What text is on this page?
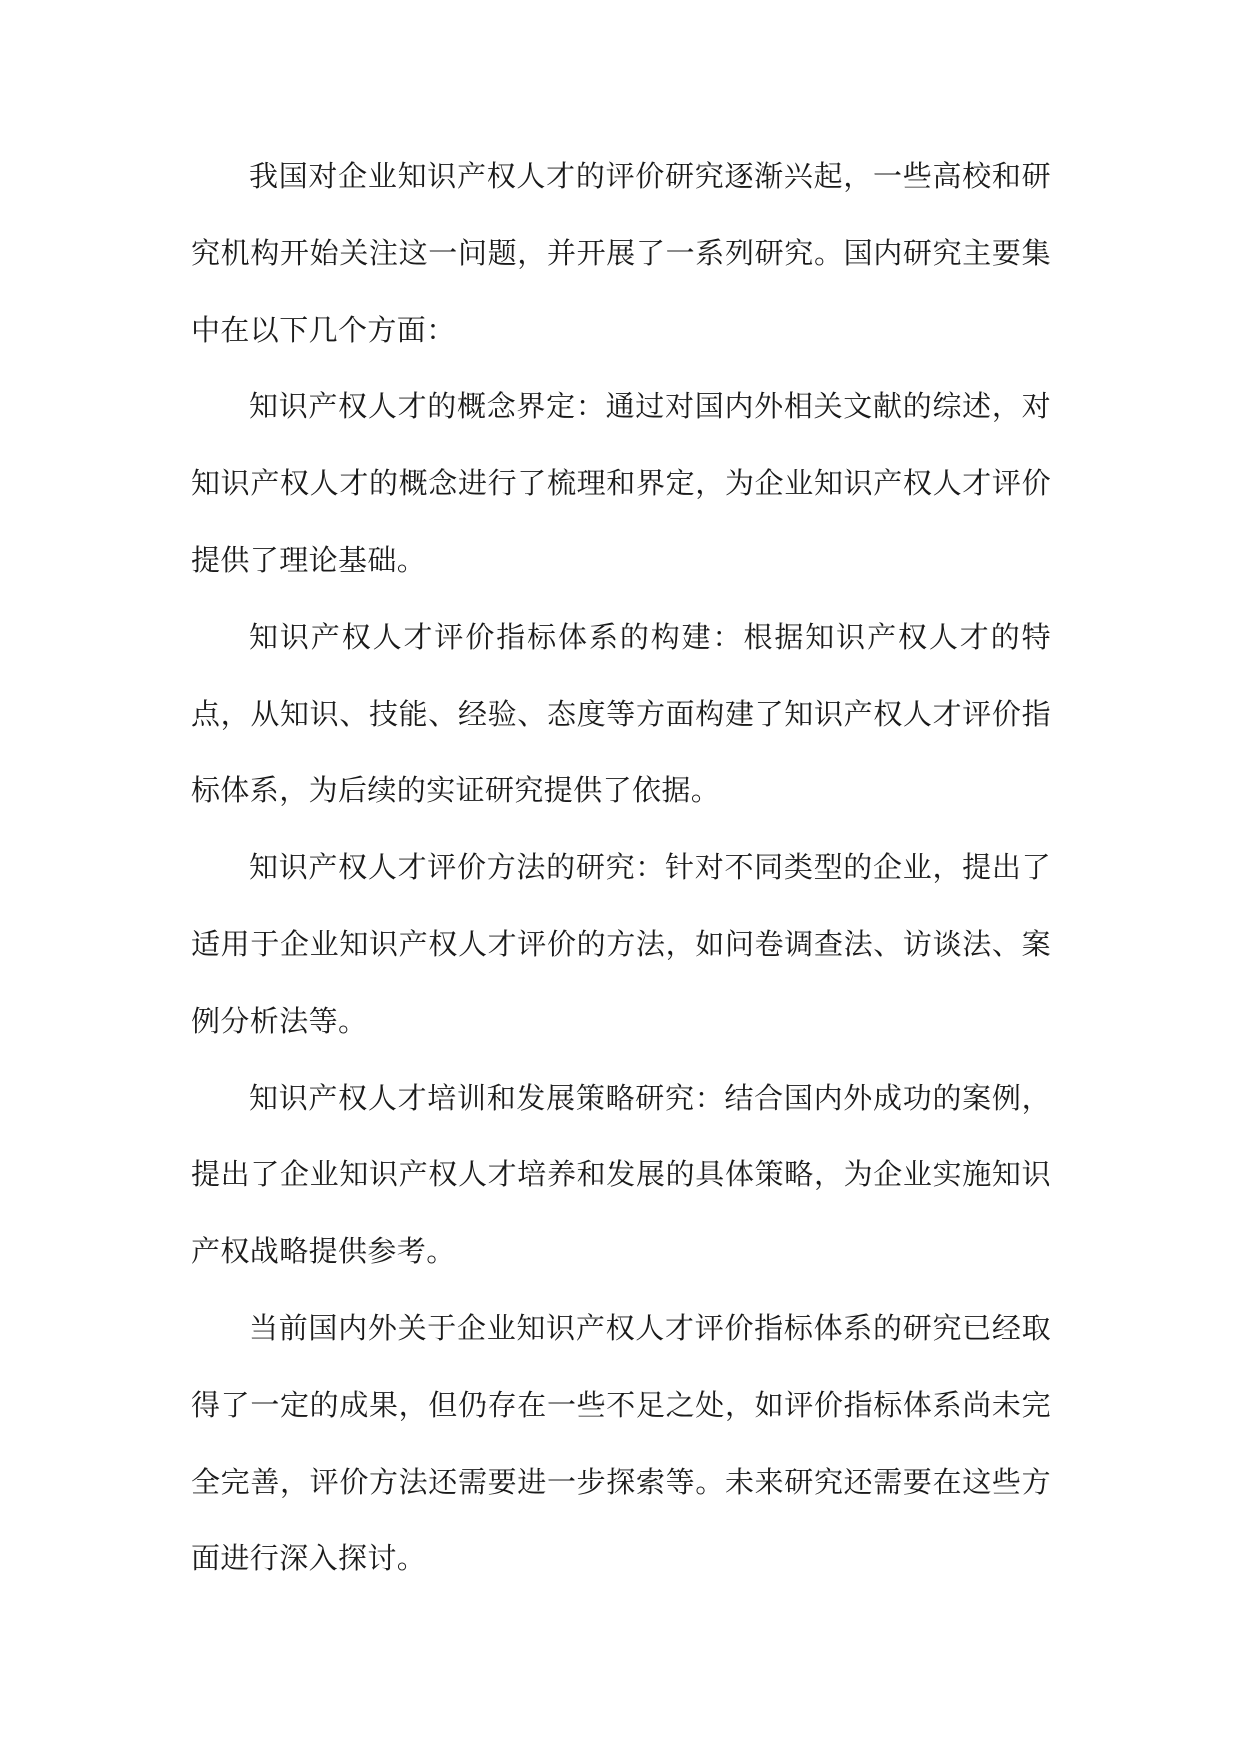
我国对企业知识产权人才的评价研究逐渐兴起，一些高校和研究机构开始关注这一问题，并开展了一系列研究。国内研究主要集中在以下几个方面：

知识产权人才的概念界定：通过对国内外相关文献的综述，对知识产权人才的概念进行了梳理和界定，为企业知识产权人才评价提供了理论基础。

知识产权人才评价指标体系的构建：根据知识产权人才的特点，从知识、技能、经验、态度等方面构建了知识产权人才评价指标体系，为后续的实证研究提供了依据。

知识产权人才评价方法的研究：针对不同类型的企业，提出了适用于企业知识产权人才评价的方法，如问卷调查法、访谈法、案例分析法等。

知识产权人才培训和发展策略研究：结合国内外成功的案例，提出了企业知识产权人才培养和发展的具体策略，为企业实施知识产权战略提供参考。

当前国内外关于企业知识产权人才评价指标体系的研究已经取得了一定的成果，但仍存在一些不足之处，如评价指标体系尚未完全完善，评价方法还需要进一步探索等。未来研究还需要在这些方面进行深入探讨。
